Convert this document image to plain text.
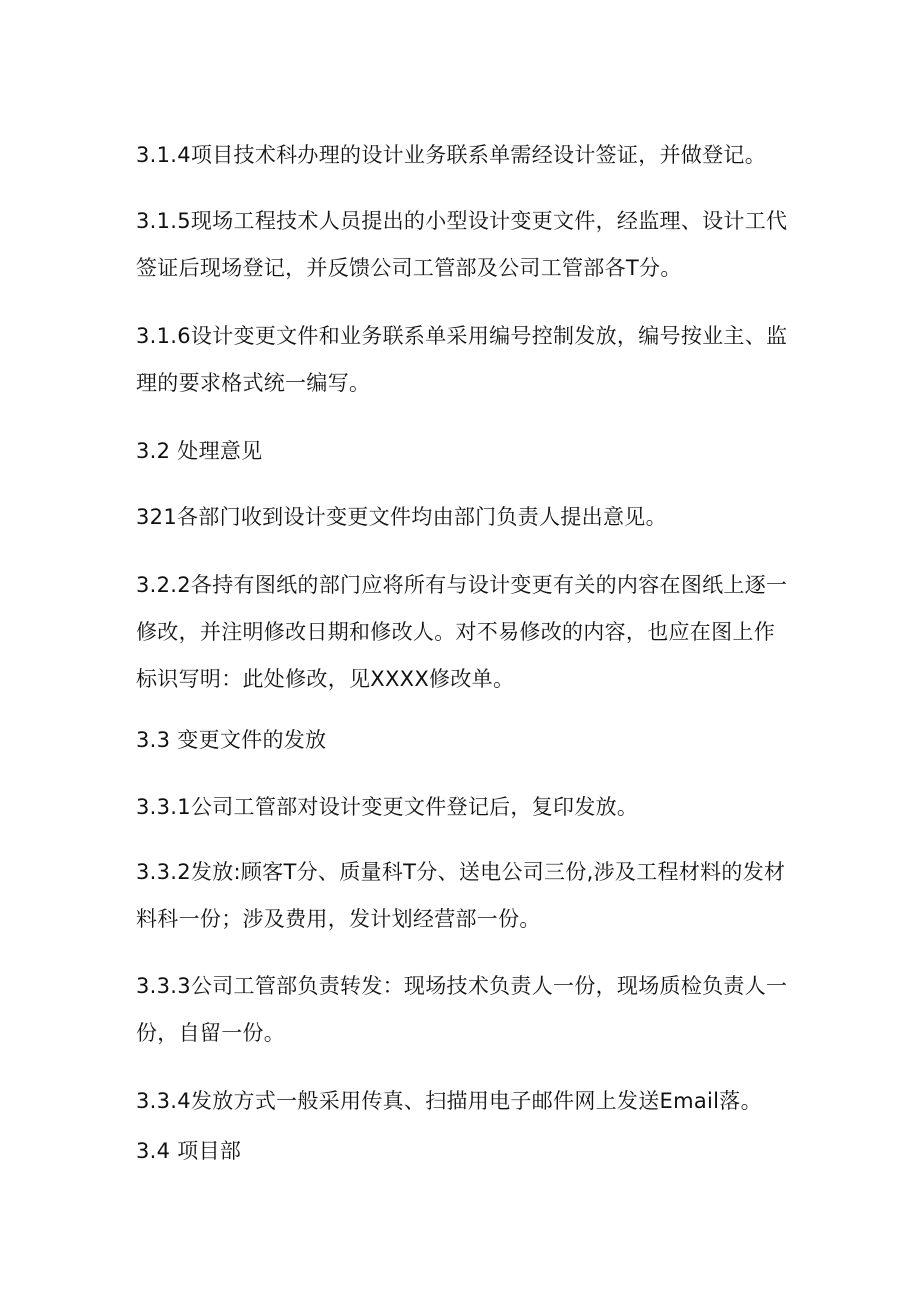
3.1.4项目技术科办理的设计业务联系单需经设计签证，并做登记。

3.1.5现场工程技术人员提出的小型设计变更文件，经监理、设计工代签证后现场登记，并反馈公司工管部及公司工管部各T分。

3.1.6设计变更文件和业务联系单采用编号控制发放，编号按业主、监理的要求格式统一编写。

3.2 处理意见

321各部门收到设计变更文件均由部门负责人提出意见。

3.2.2各持有图纸的部门应将所有与设计变更有关的内容在图纸上逐一修改，并注明修改日期和修改人。对不易修改的内容，也应在图上作标识写明：此处修改，见XXXX修改单。

3.3 变更文件的发放

3.3.1公司工管部对设计变更文件登记后，复印发放。

3.3.2发放:顾客T分、质量科T分、送电公司三份,涉及工程材料的发材料科一份；涉及费用，发计划经营部一份。

3.3.3公司工管部负责转发：现场技术负责人一份，现场质检负责人一份，自留一份。

3.3.4发放方式一般采用传真、扫描用电子邮件网上发送Email落。

3.4 项目部
